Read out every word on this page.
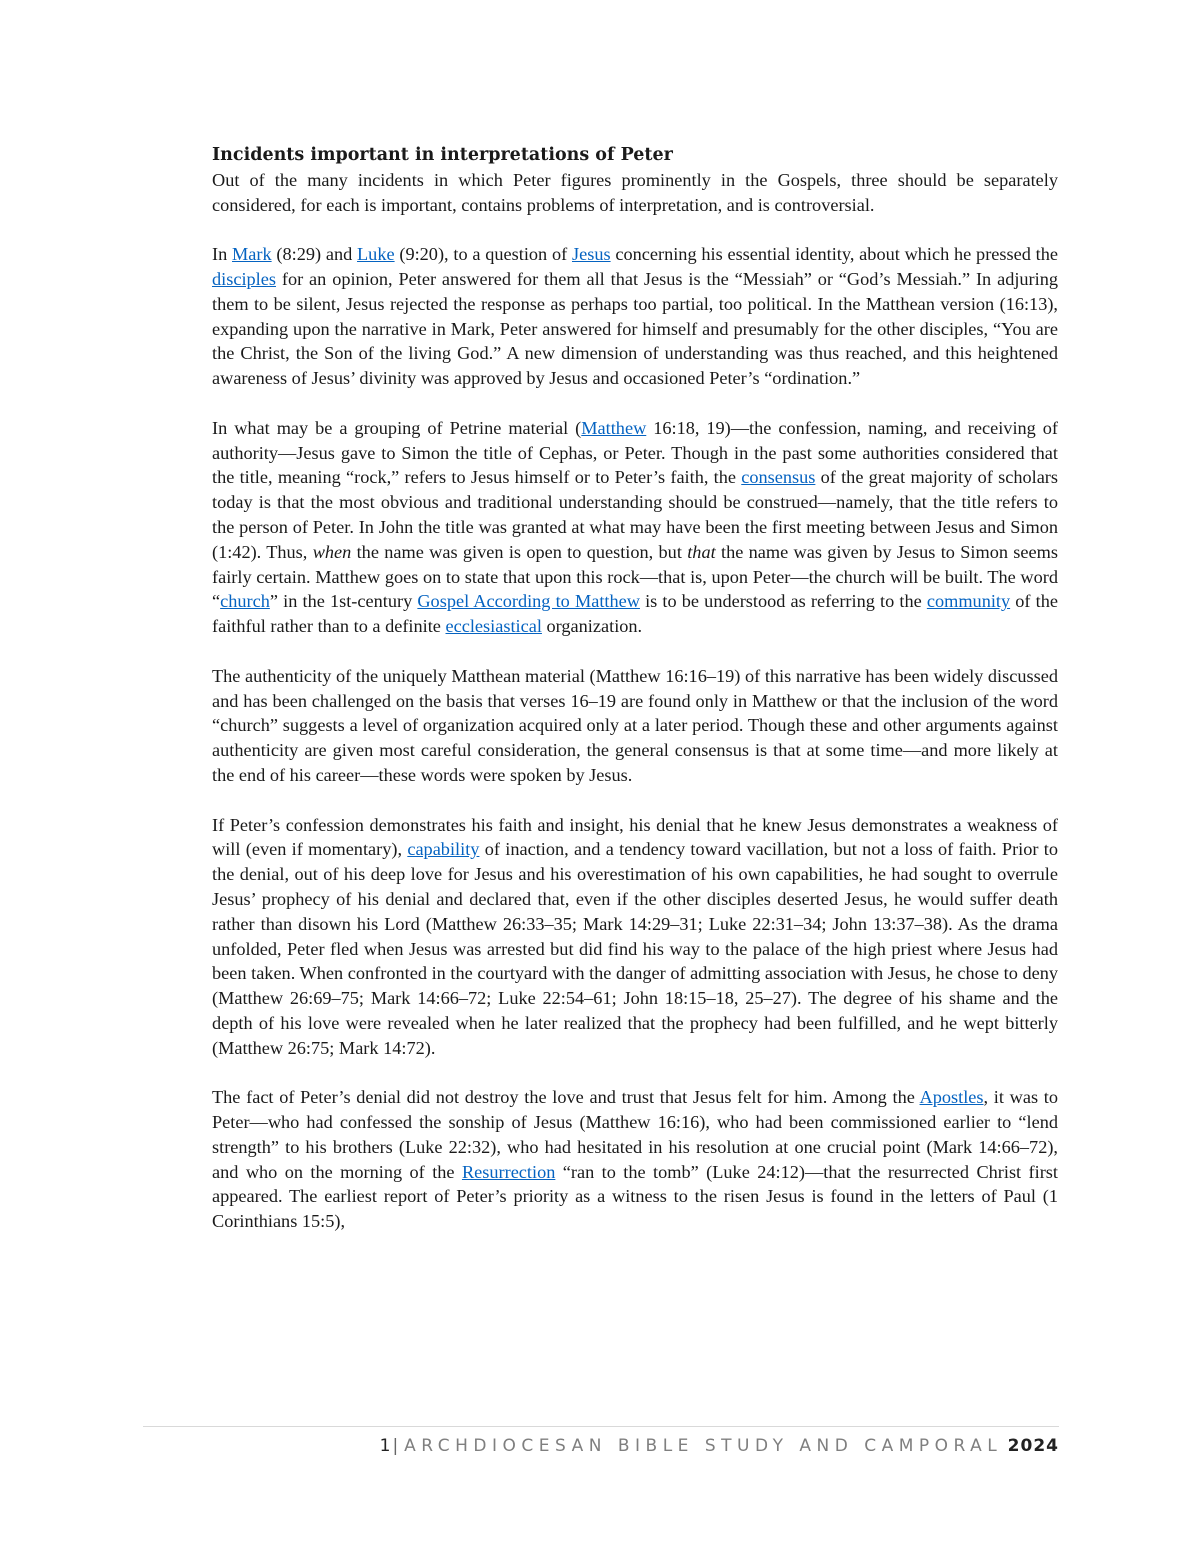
Incidents important in interpretations of Peter

Out of the many incidents in which Peter figures prominently in the Gospels, three should be separately considered, for each is important, contains problems of interpretation, and is controversial.

In Mark (8:29) and Luke (9:20), to a question of Jesus concerning his essential identity, about which he pressed the disciples for an opinion, Peter answered for them all that Jesus is the “Messiah” or “God’s Messiah.” In adjuring them to be silent, Jesus rejected the response as perhaps too partial, too political. In the Matthean version (16:13), expanding upon the narrative in Mark, Peter answered for himself and presumably for the other disciples, “You are the Christ, the Son of the living God.” A new dimension of understanding was thus reached, and this heightened awareness of Jesus’ divinity was approved by Jesus and occasioned Peter’s “ordination.”

In what may be a grouping of Petrine material (Matthew 16:18, 19)—the confession, naming, and receiving of authority—Jesus gave to Simon the title of Cephas, or Peter. Though in the past some authorities considered that the title, meaning “rock,” refers to Jesus himself or to Peter’s faith, the consensus of the great majority of scholars today is that the most obvious and traditional understanding should be construed—namely, that the title refers to the person of Peter. In John the title was granted at what may have been the first meeting between Jesus and Simon (1:42). Thus, when the name was given is open to question, but that the name was given by Jesus to Simon seems fairly certain. Matthew goes on to state that upon this rock—that is, upon Peter—the church will be built. The word “church” in the 1st-century Gospel According to Matthew is to be understood as referring to the community of the faithful rather than to a definite ecclesiastical organization.

The authenticity of the uniquely Matthean material (Matthew 16:16–19) of this narrative has been widely discussed and has been challenged on the basis that verses 16–19 are found only in Matthew or that the inclusion of the word “church” suggests a level of organization acquired only at a later period. Though these and other arguments against authenticity are given most careful consideration, the general consensus is that at some time—and more likely at the end of his career—these words were spoken by Jesus.

If Peter’s confession demonstrates his faith and insight, his denial that he knew Jesus demonstrates a weakness of will (even if momentary), capability of inaction, and a tendency toward vacillation, but not a loss of faith. Prior to the denial, out of his deep love for Jesus and his overestimation of his own capabilities, he had sought to overrule Jesus’ prophecy of his denial and declared that, even if the other disciples deserted Jesus, he would suffer death rather than disown his Lord (Matthew 26:33–35; Mark 14:29–31; Luke 22:31–34; John 13:37–38). As the drama unfolded, Peter fled when Jesus was arrested but did find his way to the palace of the high priest where Jesus had been taken. When confronted in the courtyard with the danger of admitting association with Jesus, he chose to deny (Matthew 26:69–75; Mark 14:66–72; Luke 22:54–61; John 18:15–18, 25–27). The degree of his shame and the depth of his love were revealed when he later realized that the prophecy had been fulfilled, and he wept bitterly (Matthew 26:75; Mark 14:72).

The fact of Peter’s denial did not destroy the love and trust that Jesus felt for him. Among the Apostles, it was to Peter—who had confessed the sonship of Jesus (Matthew 16:16), who had been commissioned earlier to “lend strength” to his brothers (Luke 22:32), who had hesitated in his resolution at one crucial point (Mark 14:66–72), and who on the morning of the Resurrection “ran to the tomb” (Luke 24:12)—that the resurrected Christ first appeared. The earliest report of Peter’s priority as a witness to the risen Jesus is found in the letters of Paul (1 Corinthians 15:5),

1 | ARCHDIOCESAN BIBLE STUDY AND CAMPORAL 2024
